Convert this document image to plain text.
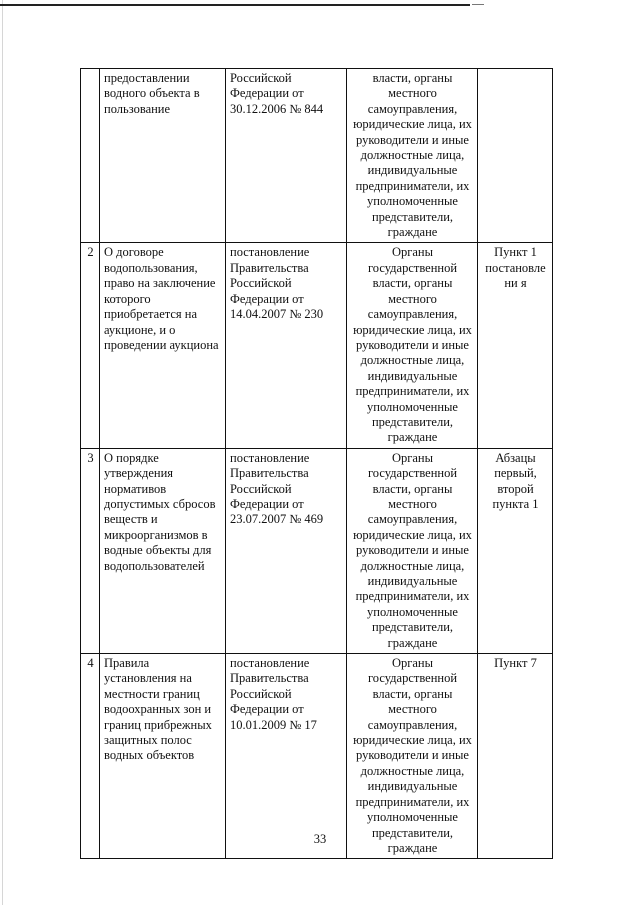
	предоставлении водного объекта в пользование	Российской Федерации от 30.12.2006 № 844	власти, органы местного самоуправления, юридические лица, их руководители и иные должностные лица, индивидуальные предприниматели, их уполномоченные представители, граждане	
2	О договоре водопользования, право на заключение которого приобретается на аукционе, и о проведении аукциона	постановление Правительства Российской Федерации от 14.04.2007 № 230	Органы государственной власти, органы местного самоуправления, юридические лица, их руководители и иные должностные лица, индивидуальные предприниматели, их уполномоченные представители, граждане	Пункт 1 постановлени я
3	О порядке утверждения нормативов допустимых сбросов веществ и микроорганизмов в водные объекты для водопользователей	постановление Правительства Российской Федерации от 23.07.2007 № 469	Органы государственной власти, органы местного самоуправления, юридические лица, их руководители и иные должностные лица, индивидуальные предприниматели, их уполномоченные представители, граждане	Абзацы первый, второй пункта 1
4	Правила установления на местности границ водоохранных зон и границ прибрежных защитных полос водных объектов	постановление Правительства Российской Федерации от 10.01.2009 № 17	Органы государственной власти, органы местного самоуправления, юридические лица, их руководители и иные должностные лица, индивидуальные предприниматели, их уполномоченные представители, граждане	Пункт 7
33
